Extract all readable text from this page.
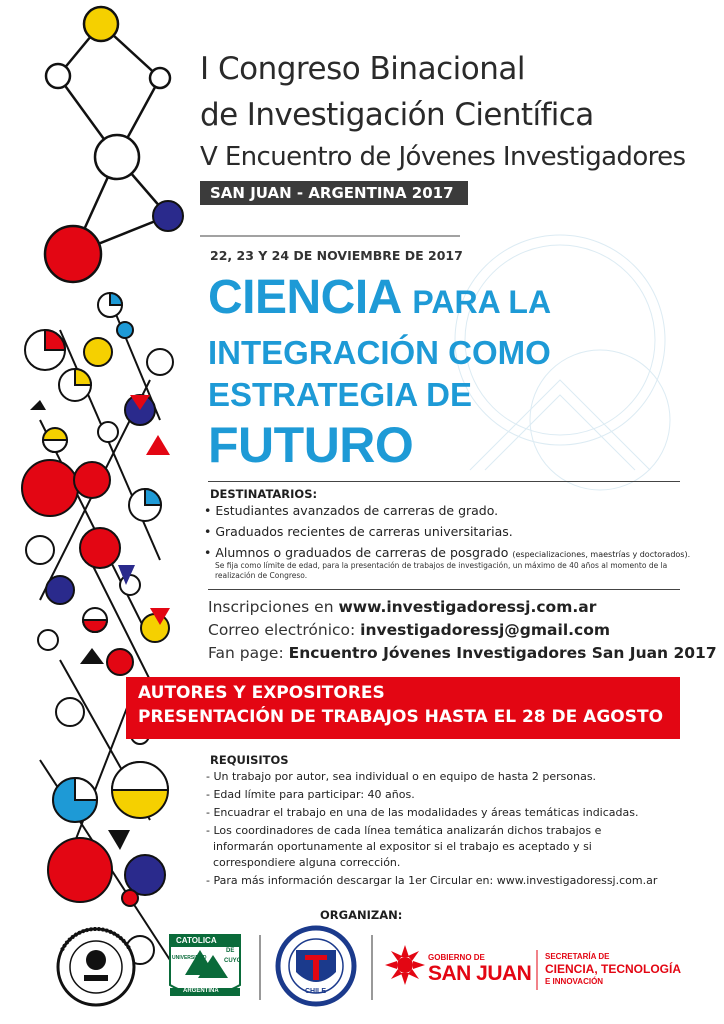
I Congreso Binacional
de Investigación Científica
V Encuentro de Jóvenes Investigadores
SAN JUAN - ARGENTINA 2017
22, 23 Y 24 DE NOVIEMBRE DE 2017
CIENCIA PARA LA
INTEGRACIÓN COMO
ESTRATEGIA DE
FUTURO
DESTINATARIOS:
• Estudiantes avanzados de carreras de grado.
• Graduados recientes de carreras universitarias.
• Alumnos o graduados de carreras de posgrado (especializaciones, maestrías y doctorados).
Se fija como límite de edad, para la presentación de trabajos de investigación, un máximo de 40 años al momento de la realización de Congreso.
Inscripciones en www.investigadoressj.com.ar
Correo electrónico: investigadoressj@gmail.com
Fan page: Encuentro Jóvenes Investigadores San Juan 2017
AUTORES Y EXPOSITORES
PRESENTACIÓN DE TRABAJOS HASTA EL 28 DE AGOSTO
REQUISITOS
- Un trabajo por autor, sea individual o en equipo de hasta 2 personas.
- Edad límite para participar: 40 años.
- Encuadrar el trabajo en una de las modalidades y áreas temáticas indicadas.
- Los coordinadores de cada línea temática analizarán dichos trabajos e
informarán oportunamente al expositor si el trabajo es aceptado y si
correspondiere alguna corrección.
- Para más información descargar la 1er Circular en: www.investigadoressj.com.ar
ORGANIZAN:
CATOLICA
DE
CUYO
UNIVERSIDAD
ARGENTINA	CHILE
GOBIERNO DE
SAN JUAN
SECRETARÍA DE
CIENCIA, TECNOLOGÍA
E INNOVACIÓN
